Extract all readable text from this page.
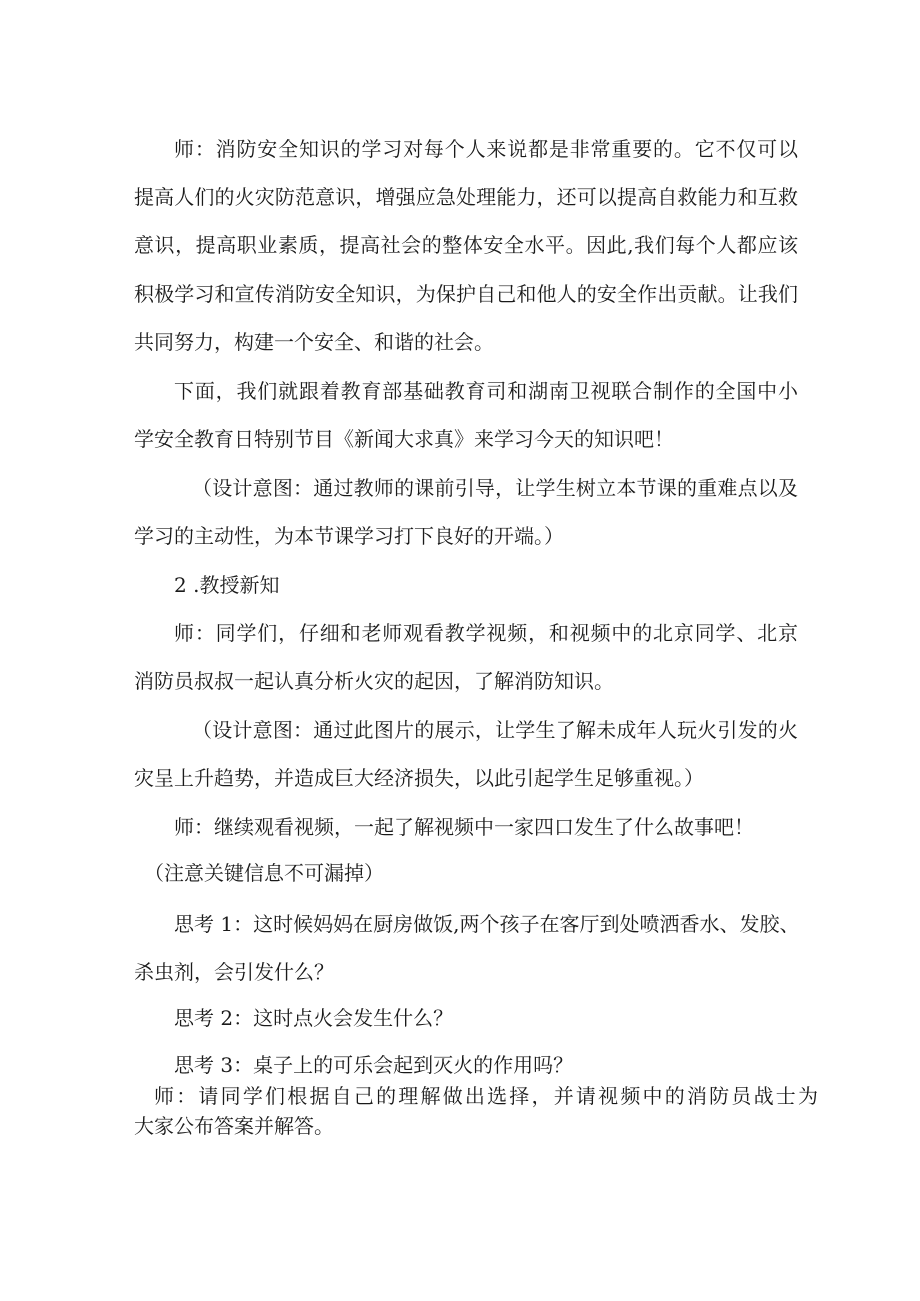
师：消防安全知识的学习对每个人来说都是非常重要的。它不仅可以

提高人们的火灾防范意识，增强应急处理能力，还可以提高自救能力和互救

意识，提高职业素质，提高社会的整体安全水平。因此,我们每个人都应该

积极学习和宣传消防安全知识，为保护自己和他人的安全作出贡献。让我们

共同努力，构建一个安全、和谐的社会。

下面，我们就跟着教育部基础教育司和湖南卫视联合制作的全国中小

学安全教育日特别节目《新闻大求真》来学习今天的知识吧！

（设计意图：通过教师的课前引导，让学生树立本节课的重难点以及

学习的主动性，为本节课学习打下良好的开端。）

2 .教授新知

师：同学们，仔细和老师观看教学视频，和视频中的北京同学、北京

消防员叔叔一起认真分析火灾的起因，了解消防知识。

（设计意图：通过此图片的展示，让学生了解未成年人玩火引发的火

灾呈上升趋势，并造成巨大经济损失，以此引起学生足够重视。）

师：继续观看视频，一起了解视频中一家四口发生了什么故事吧！

（注意关键信息不可漏掉）

思考 1：这时候妈妈在厨房做饭,两个孩子在客厅到处喷洒香水、发胶、

杀虫剂，会引发什么？

思考 2：这时点火会发生什么？

思考 3：桌子上的可乐会起到灭火的作用吗？

师：请同学们根据自己的理解做出选择，并请视频中的消防员战士为

大家公布答案并解答。
